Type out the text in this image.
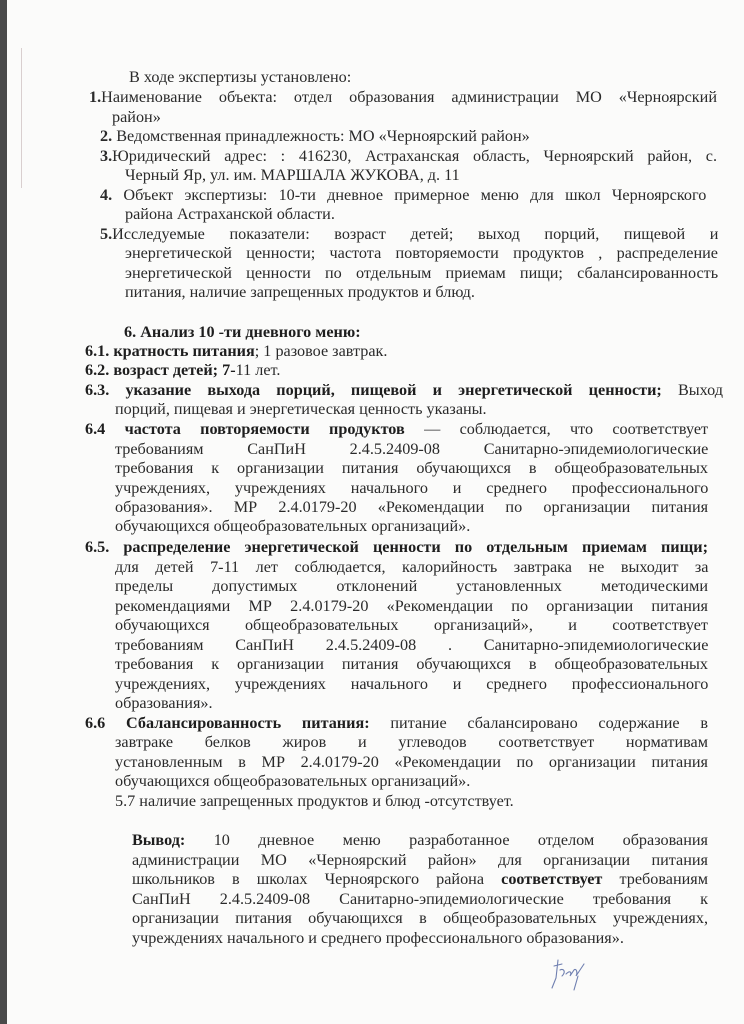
В ходе экспертизы установлено:
1.Наименование объекта: отдел образования администрации МО «Черноярский
район»
2. Ведомственная принадлежность: МО «Черноярский район»
3.Юридический адрес: : 416230, Астраханская область, Черноярский район, с.
Черный Яр, ул. им. МАРШАЛА ЖУКОВА, д. 11
4. Объект экспертизы: 10-ти дневное примерное меню для школ Черноярского
района Астраханской области.
5.Исследуемые показатели: возраст детей; выход порций, пищевой и
энергетической ценности; частота повторяемости продуктов , распределение
энергетической ценности по отдельным приемам пищи; сбалансированность
питания, наличие запрещенных продуктов и блюд.
6. Анализ 10 -ти дневного меню:
6.1. кратность питания; 1 разовое завтрак.
6.2. возраст детей; 7-11 лет.
6.3. указание выхода порций, пищевой и энергетической ценности; Выход
порций, пищевая и энергетическая ценность указаны.
6.4 частота повторяемости продуктов — соблюдается, что соответствует
требованиям СанПиН 2.4.5.2409-08 Санитарно-эпидемиологические
требования к организации питания обучающихся в общеобразовательных
учреждениях, учреждениях начального и среднего профессионального
образования». МР 2.4.0179-20 «Рекомендации по организации питания
обучающихся общеобразовательных организаций».
6.5. распределение энергетической ценности по отдельным приемам пищи;
для детей 7-11 лет соблюдается, калорийность завтрака не выходит за
пределы допустимых отклонений установленных методическими
рекомендациями МР 2.4.0179-20 «Рекомендации по организации питания
обучающихся общеобразовательных организаций», и соответствует
требованиям СанПиН 2.4.5.2409-08 . Санитарно-эпидемиологические
требования к организации питания обучающихся в общеобразовательных
учреждениях, учреждениях начального и среднего профессионального
образования».
6.6 Сбалансированность питания: питание сбалансировано содержание в
завтраке белков жиров и углеводов соответствует нормативам
установленным в МР 2.4.0179-20 «Рекомендации по организации питания
обучающихся общеобразовательных организаций».
5.7 наличие запрещенных продуктов и блюд -отсутствует.
Вывод: 10 дневное меню разработанное отделом образования
администрации МО «Черноярский район» для организации питания
школьников в школах Черноярского района соответствует требованиям
СанПиН 2.4.5.2409-08 Санитарно-эпидемиологические требования к
организации питания обучающихся в общеобразовательных учреждениях,
учреждениях начального и среднего профессионального образования».
